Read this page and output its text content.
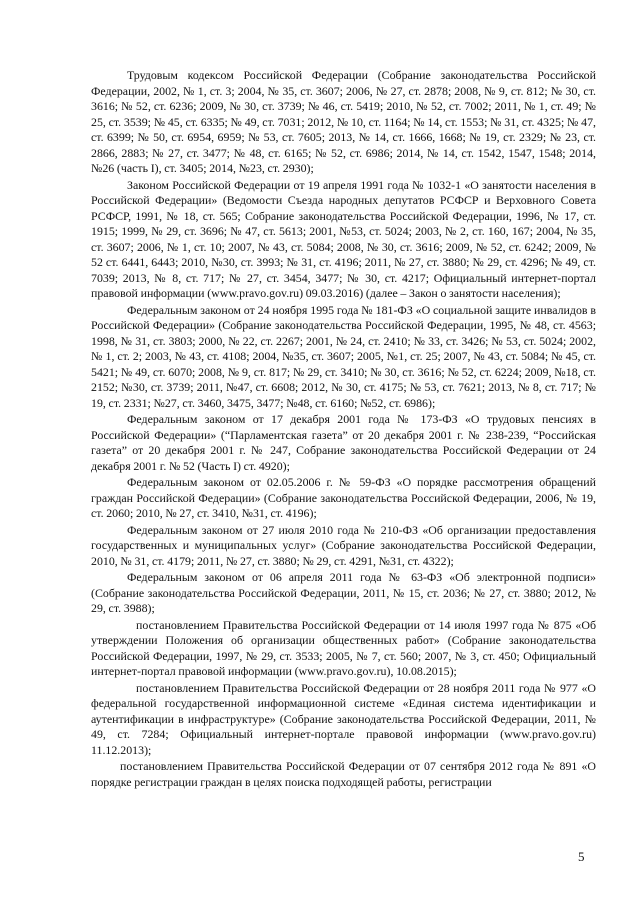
Трудовым кодексом Российской Федерации (Собрание законодательства Российской Федерации, 2002, № 1, ст. 3; 2004, № 35, ст. 3607; 2006, № 27, ст. 2878; 2008, № 9, ст. 812; № 30, ст. 3616; № 52, ст. 6236; 2009, № 30, ст. 3739; № 46, ст. 5419; 2010, № 52, ст. 7002; 2011, № 1, ст. 49; № 25, ст. 3539; № 45, ст. 6335; № 49, ст. 7031; 2012, № 10, ст. 1164; № 14, ст. 1553; № 31, ст. 4325; № 47, ст. 6399; № 50, ст. 6954, 6959; № 53, ст. 7605; 2013, № 14, ст. 1666, 1668; № 19, ст. 2329; № 23, ст. 2866, 2883; № 27, ст. 3477; № 48, ст. 6165; № 52, ст. 6986; 2014, № 14, ст. 1542, 1547, 1548; 2014, №26 (часть I), ст. 3405; 2014, №23, ст. 2930);

Законом Российской Федерации от 19 апреля 1991 года № 1032-1 «О занятости населения в Российской Федерации» (Ведомости Съезда народных депутатов РСФСР и Верховного Совета РСФСР, 1991, № 18, ст. 565; Собрание законодательства Российской Федерации, 1996, № 17, ст. 1915; 1999, № 29, ст. 3696; № 47, ст. 5613; 2001, №53, ст. 5024; 2003, № 2, ст. 160, 167; 2004, № 35, ст. 3607; 2006, № 1, ст. 10; 2007, № 43, ст. 5084; 2008, № 30, ст. 3616; 2009, № 52, ст. 6242; 2009, № 52 ст. 6441, 6443; 2010, №30, ст. 3993; № 31, ст. 4196; 2011, № 27, ст. 3880; № 29, ст. 4296; № 49, ст. 7039; 2013, № 8, ст. 717; № 27, ст. 3454, 3477; № 30, ст. 4217; Официальный интернет-портал правовой информации (www.pravo.gov.ru) 09.03.2016) (далее – Закон о занятости населения);

Федеральным законом от 24 ноября 1995 года № 181-ФЗ «О социальной защите инвалидов в Российской Федерации» (Собрание законодательства Российской Федерации, 1995, № 48, ст. 4563; 1998, № 31, ст. 3803; 2000, № 22, ст. 2267; 2001, № 24, ст. 2410; № 33, ст. 3426; № 53, ст. 5024; 2002, № 1, ст. 2; 2003, № 43, ст. 4108; 2004, №35, ст. 3607; 2005, №1, ст. 25; 2007, № 43, ст. 5084; № 45, ст. 5421; № 49, ст. 6070; 2008, № 9, ст. 817; № 29, ст. 3410; № 30, ст. 3616; № 52, ст. 6224; 2009, №18, ст. 2152; №30, ст. 3739; 2011, №47, ст. 6608; 2012, № 30, ст. 4175; № 53, ст. 7621; 2013, № 8, ст. 717; № 19, ст. 2331; №27, ст. 3460, 3475, 3477; №48, ст. 6160; №52, ст. 6986);

Федеральным законом от 17 декабря 2001 года № 173-ФЗ «О трудовых пенсиях в Российской Федерации» (“Парламентская газета” от 20 декабря 2001 г. № 238-239, “Российская газета” от 20 декабря 2001 г. № 247, Собрание законодательства Российской Федерации от 24 декабря 2001 г. № 52 (Часть I) ст. 4920);

Федеральным законом от 02.05.2006 г. № 59-ФЗ «О порядке рассмотрения обращений граждан Российской Федерации» (Собрание законодательства Российской Федерации, 2006, № 19, ст. 2060; 2010, № 27, ст. 3410, №31, ст. 4196);

Федеральным законом от 27 июля 2010 года № 210-ФЗ «Об организации предоставления государственных и муниципальных услуг» (Собрание законодательства Российской Федерации, 2010, № 31, ст. 4179; 2011, № 27, ст. 3880; № 29, ст. 4291, №31, ст. 4322);

Федеральным законом от 06 апреля 2011 года № 63-ФЗ «Об электронной подписи» (Собрание законодательства Российской Федерации, 2011, № 15, ст. 2036; № 27, ст. 3880; 2012, № 29, ст. 3988);

постановлением Правительства Российской Федерации от 14 июля 1997 года № 875 «Об утверждении Положения об организации общественных работ» (Собрание законодательства Российской Федерации, 1997, № 29, ст. 3533; 2005, № 7, ст. 560; 2007, № 3, ст. 450; Официальный интернет-портал правовой информации (www.pravo.gov.ru), 10.08.2015);

постановлением Правительства Российской Федерации от 28 ноября 2011 года № 977 «О федеральной государственной информационной системе «Единая система идентификации и аутентификации в инфраструктуре» (Собрание законодательства Российской Федерации, 2011, № 49, ст. 7284; Официальный интернет-портале правовой информации (www.pravo.gov.ru) 11.12.2013);

постановлением Правительства Российской Федерации от 07 сентября 2012 года № 891 «О порядке регистрации граждан в целях поиска подходящей работы, регистрации

5
